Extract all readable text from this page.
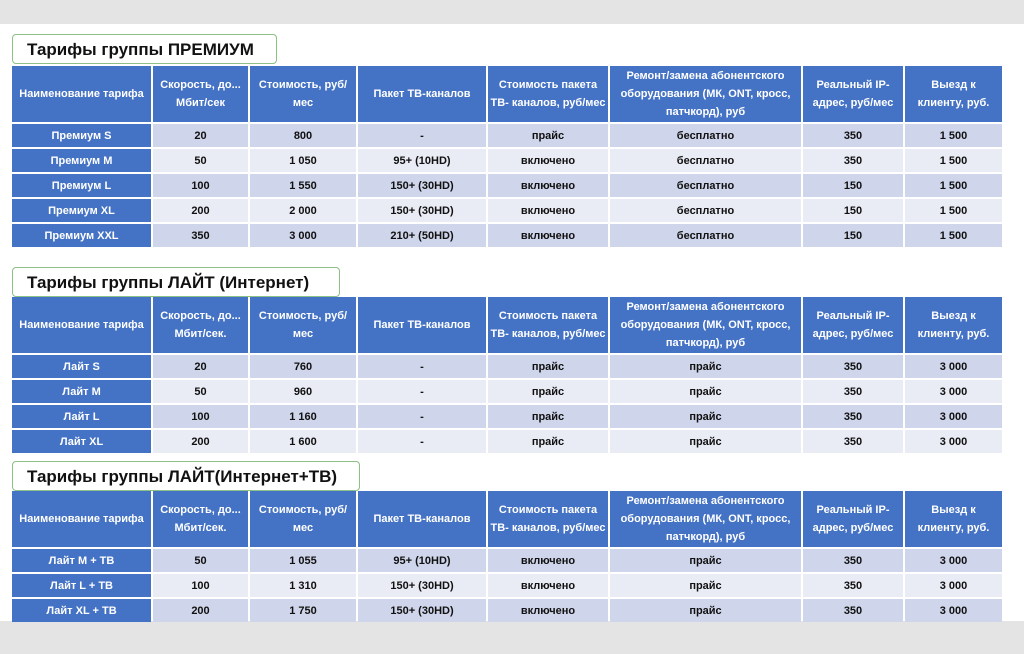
Тарифы группы ПРЕМИУМ
Наименование тарифа	Скорость, до... Мбит/сек	Стоимость, руб/мес	Пакет ТВ-каналов	Стоимость пакета ТВ- каналов, руб/мес	Ремонт/замена абонентского оборудования (МК, ONT, кросс, патчкорд), руб	Реальный IP-адрес, руб/мес	Выезд к клиенту, руб.
Премиум S	20	800	-	прайс	бесплатно	350	1 500
Премиум M	50	1 050	95+ (10HD)	включено	бесплатно	350	1 500
Премиум L	100	1 550	150+ (30HD)	включено	бесплатно	150	1 500
Премиум XL	200	2 000	150+ (30HD)	включено	бесплатно	150	1 500
Премиум XXL	350	3 000	210+ (50HD)	включено	бесплатно	150	1 500
Тарифы группы ЛАЙТ (Интернет)
Наименование тарифа	Скорость, до... Мбит/сек.	Стоимость, руб/мес	Пакет ТВ-каналов	Стоимость пакета ТВ- каналов, руб/мес	Ремонт/замена абонентского оборудования (МК, ONT, кросс, патчкорд), руб	Реальный IP-адрес, руб/мес	Выезд к клиенту, руб.
Лайт S	20	760	-	прайс	прайс	350	3 000
Лайт M	50	960	-	прайс	прайс	350	3 000
Лайт L	100	1 160	-	прайс	прайс	350	3 000
Лайт XL	200	1 600	-	прайс	прайс	350	3 000
Тарифы группы ЛАЙТ(Интернет+ТВ)
Наименование тарифа	Скорость, до... Мбит/сек.	Стоимость, руб/мес	Пакет ТВ-каналов	Стоимость пакета ТВ- каналов, руб/мес	Ремонт/замена абонентского оборудования (МК, ONT, кросс, патчкорд), руб	Реальный IP-адрес, руб/мес	Выезд к клиенту, руб.
Лайт M + ТВ	50	1 055	95+ (10HD)	включено	прайс	350	3 000
Лайт L + ТВ	100	1 310	150+ (30HD)	включено	прайс	350	3 000
Лайт XL + ТВ	200	1 750	150+ (30HD)	включено	прайс	350	3 000
